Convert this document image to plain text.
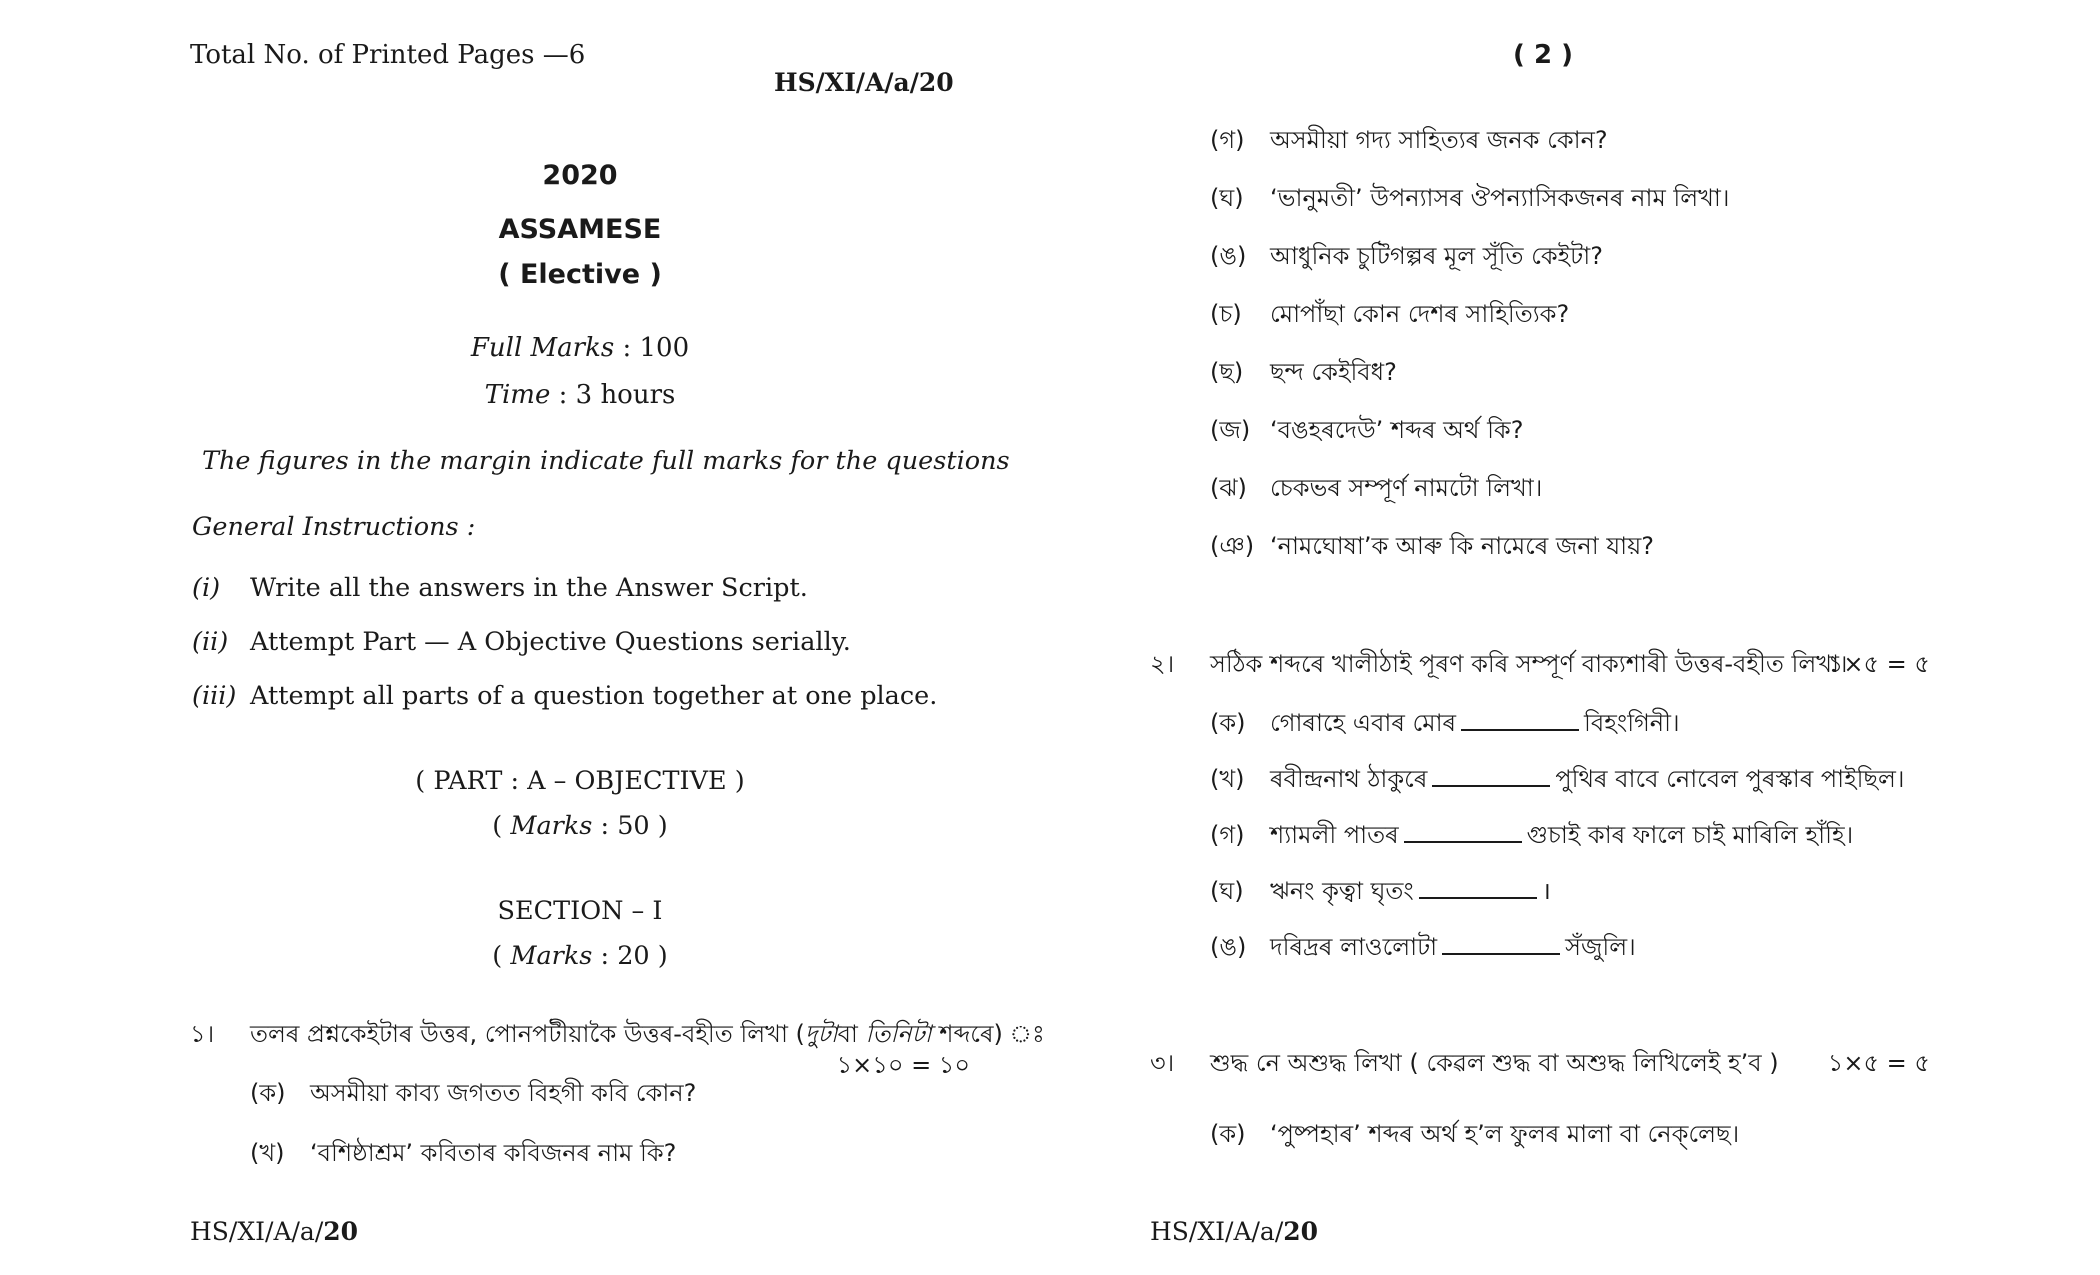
Total No. of Printed Pages —6
HS/XI/A/a/20
2020
ASSAMESE
( Elective )
Full Marks : 100
Time : 3 hours
The figures in the margin indicate full marks for the questions
General Instructions :
(i) Write all the answers in the Answer Script.
(ii) Attempt Part — A Objective Questions serially.
(iii) Attempt all parts of a question together at one place.
( PART : A – OBJECTIVE )
( Marks : 50 )
SECTION – I
( Marks : 20 )
১। তলৰ প্ৰশ্নকেইটাৰ উত্তৰ, পোনপটীয়াকৈ উত্তৰ-বহীত লিখা (দুটাবা তিনিটা শব্দৰে) ঃ
১×১০ = ১০
(ক) অসমীয়া কাব্য জগতত বিহগী কবি কোন?
(খ) ‘বশিষ্ঠাশ্ৰম’ কবিতাৰ কবিজনৰ নাম কি?
HS/XI/A/a/20
( 2 )
(গ) অসমীয়া গদ্য সাহিত্যৰ জনক কোন?
(ঘ) ‘ভানুমতী’ উপন্যাসৰ ঔপন্যাসিকজনৰ নাম লিখা।
(ঙ) আধুনিক চুটিগল্পৰ মূল সূঁতি কেইটা?
(চ) মোপাঁছা কোন দেশৰ সাহিত্যিক?
(ছ) ছন্দ কেইবিধ?
(জ) ‘বঙহৰদেউ’ শব্দৰ অৰ্থ কি?
(ঝ) চেকভৰ সম্পূৰ্ণ নামটো লিখা।
(ঞ) ‘নামঘোষা’ক আৰু কি নামেৰে জনা যায়?
২। সঠিক শব্দৰে খালীঠাই পূৰণ কৰি সম্পূৰ্ণ বাক্যশাৰী উত্তৰ-বহীত লিখা।
১×৫ = ৫
(ক) গোৰাহে এবাৰ মোৰ	বিহংগিনী।
(খ) ৰবীন্দ্ৰনাথ ঠাকুৰে	পুথিৰ বাবে নোবেল পুৰস্কাৰ পাইছিল।
(গ) শ্যামলী পাতৰ	গুচাই কাৰ ফালে চাই মাৰিলি হাঁহি।
(ঘ) ঋনং কৃত্বা ঘৃতং	।
(ঙ) দৰিদ্ৰৰ লাওলোটা	সঁজুলি।
৩। শুদ্ধ নে অশুদ্ধ লিখা ( কেৱল শুদ্ধ বা অশুদ্ধ লিখিলেই হ’ব ) ১×৫ = ৫
(ক) ‘পুষ্পহাৰ’ শব্দৰ অৰ্থ হ’ল ফুলৰ মালা বা নেক্‌লেছ।
HS/XI/A/a/20
